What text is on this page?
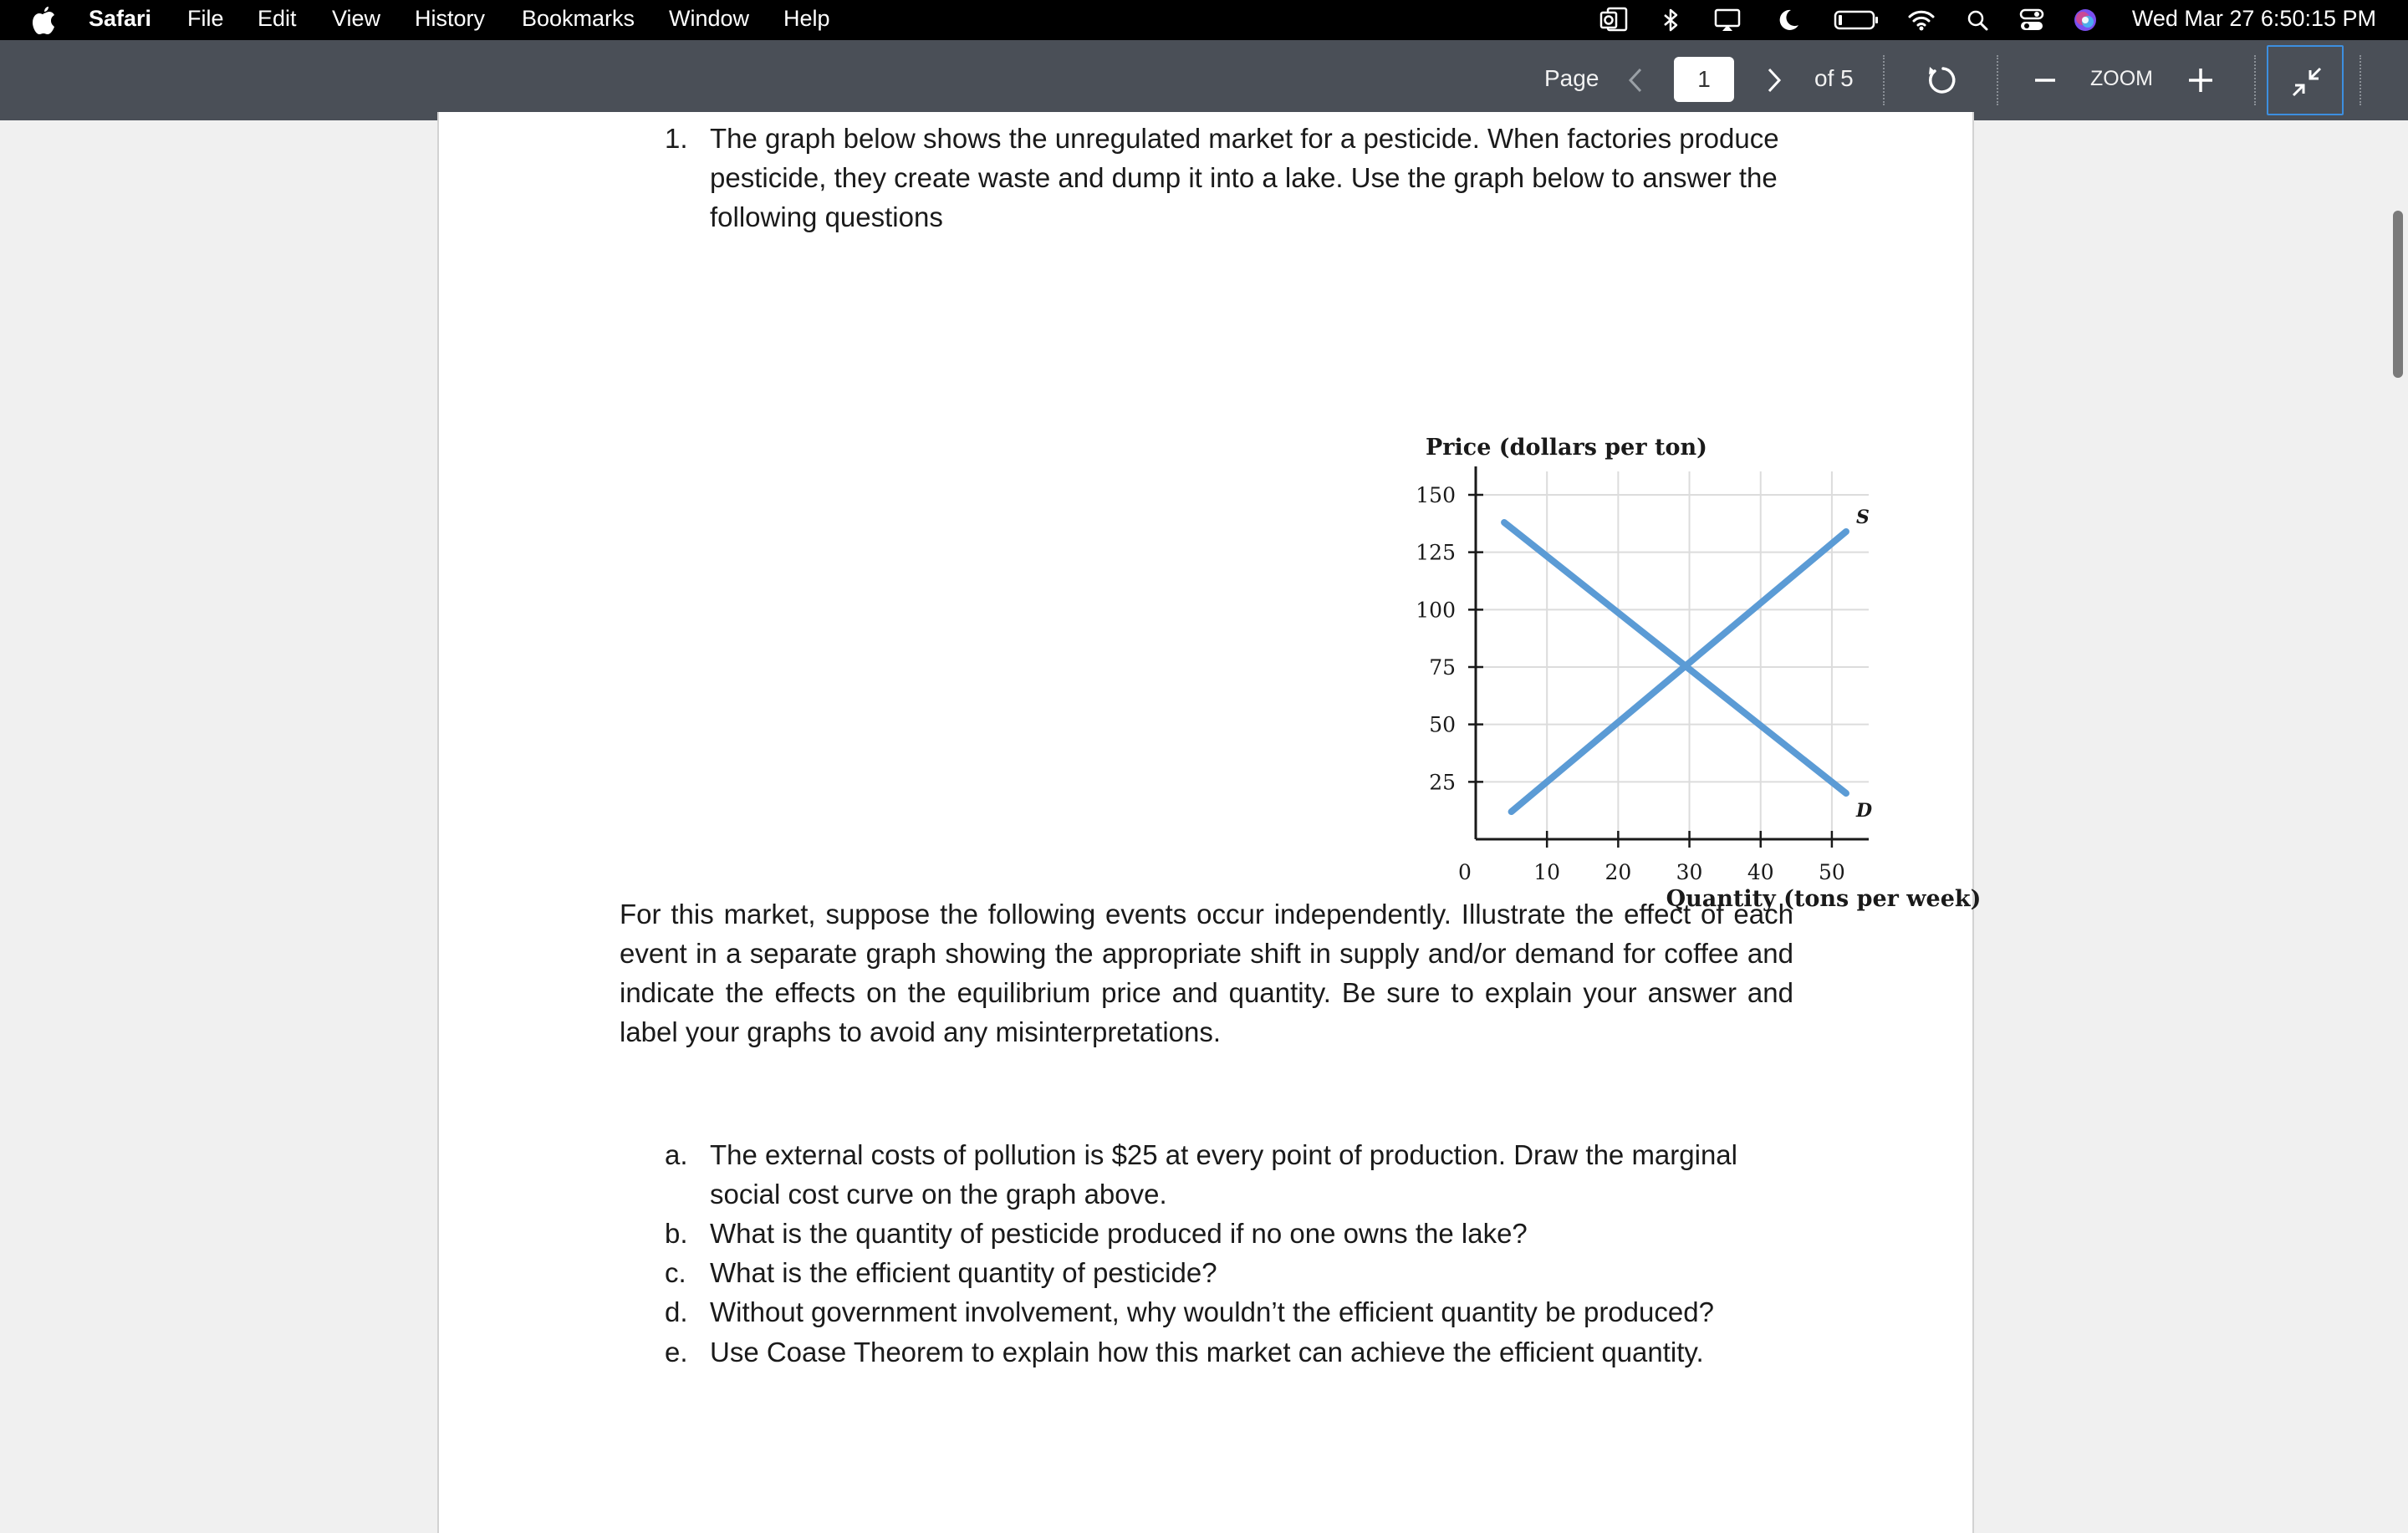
Safari File Edit View History Bookmarks Window Help	Wed Mar 27 6:50:15 PM
Page
1	of 5	ZOOM
1. The graph below shows the unregulated market for a pesticide. When factories produce
pesticide, they create waste and dump it into a lake. Use the graph below to answer the
following questions
25
50
75
100
125
150
10 20 30 40 50
S
D
Price (dollars per ton)
Quantity (tons per week)
0
For this market, suppose the following events occur independently. Illustrate the effect of each
event in a separate graph showing the appropriate shift in supply and/or demand for coffee and
indicate the effects on the equilibrium price and quantity. Be sure to explain your answer and
label your graphs to avoid any misinterpretations.
a. The external costs of pollution is $25 at every point of production. Draw the marginal
social cost curve on the graph above.
b. What is the quantity of pesticide produced if no one owns the lake?
c. What is the efficient quantity of pesticide?
d. Without government involvement, why wouldn’t the efficient quantity be produced?
e. Use Coase Theorem to explain how this market can achieve the efficient quantity.
